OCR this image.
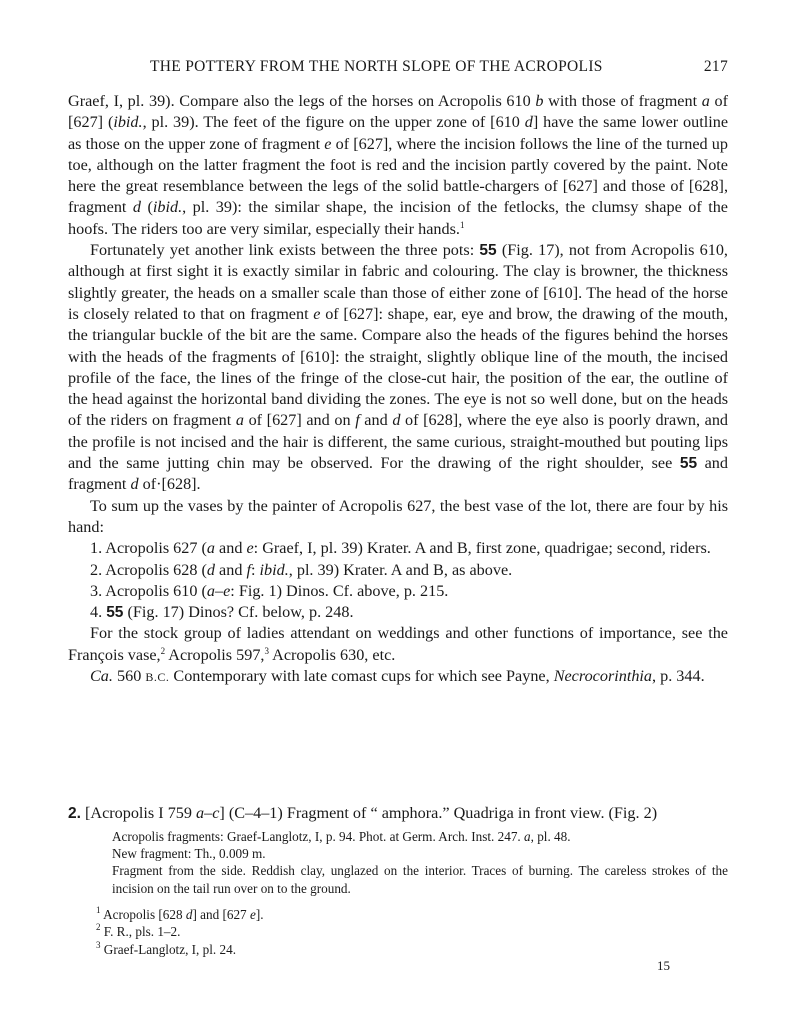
THE POTTERY FROM THE NORTH SLOPE OF THE ACROPOLIS	217

Graef, I, pl. 39). Compare also the legs of the horses on Acropolis 610 b with those of fragment a of [627] (ibid., pl. 39). The feet of the figure on the upper zone of [610 d] have the same lower outline as those on the upper zone of fragment e of [627], where the incision follows the line of the turned up toe, although on the latter fragment the foot is red and the incision partly covered by the paint. Note here the great resemblance between the legs of the solid battle-chargers of [627] and those of [628], fragment d (ibid., pl. 39): the similar shape, the incision of the fetlocks, the clumsy shape of the hoofs. The riders too are very similar, especially their hands.$^1$

Fortunately yet another link exists between the three pots: 55 (Fig. 17), not from Acropolis 610, although at first sight it is exactly similar in fabric and colouring. The clay is browner, the thickness slightly greater, the heads on a smaller scale than those of either zone of [610]. The head of the horse is closely related to that on fragment e of [627]: shape, ear, eye and brow, the drawing of the mouth, the triangular buckle of the bit are the same. Compare also the heads of the figures behind the horses with the heads of the fragments of [610]: the straight, slightly oblique line of the mouth, the incised profile of the face, the lines of the fringe of the close-cut hair, the position of the ear, the outline of the head against the horizontal band dividing the zones. The eye is not so well done, but on the heads of the riders on fragment a of [627] and on f and d of [628], where the eye also is poorly drawn, and the profile is not incised and the hair is different, the same curious, straight-mouthed but pouting lips and the same jutting chin may be observed. For the drawing of the right shoulder, see 55 and fragment d of·[628].

To sum up the vases by the painter of Acropolis 627, the best vase of the lot, there are four by his hand:

1. Acropolis 627 (a and e: Graef, I, pl. 39) Krater. A and B, first zone, quadrigae; second, riders.

2. Acropolis 628 (d and f: ibid., pl. 39) Krater. A and B, as above.

3. Acropolis 610 (a–e: Fig. 1) Dinos. Cf. above, p. 215.

4. 55 (Fig. 17) Dinos? Cf. below, p. 248.

For the stock group of ladies attendant on weddings and other functions of importance, see the François vase,$^2$ Acropolis 597,$^3$ Acropolis 630, etc.

Ca. 560 B.C. Contemporary with late comast cups for which see Payne, Necrocorinthia, p. 344.

2. [Acropolis I 759 a–c] (C–4–1) Fragment of “ amphora.” Quadriga in front view. (Fig. 2)

Acropolis fragments: Graef-Langlotz, I, p. 94. Phot. at Germ. Arch. Inst. 247. a, pl. 48.

New fragment: Th., 0.009 m.

Fragment from the side. Reddish clay, unglazed on the interior. Traces of burning. The careless strokes of the incision on the tail run over on to the ground.

$^1$ Acropolis [628 d] and [627 e].

$^2$ F. R., pls. 1–2.

$^3$ Graef-Langlotz, I, pl. 24.

15
